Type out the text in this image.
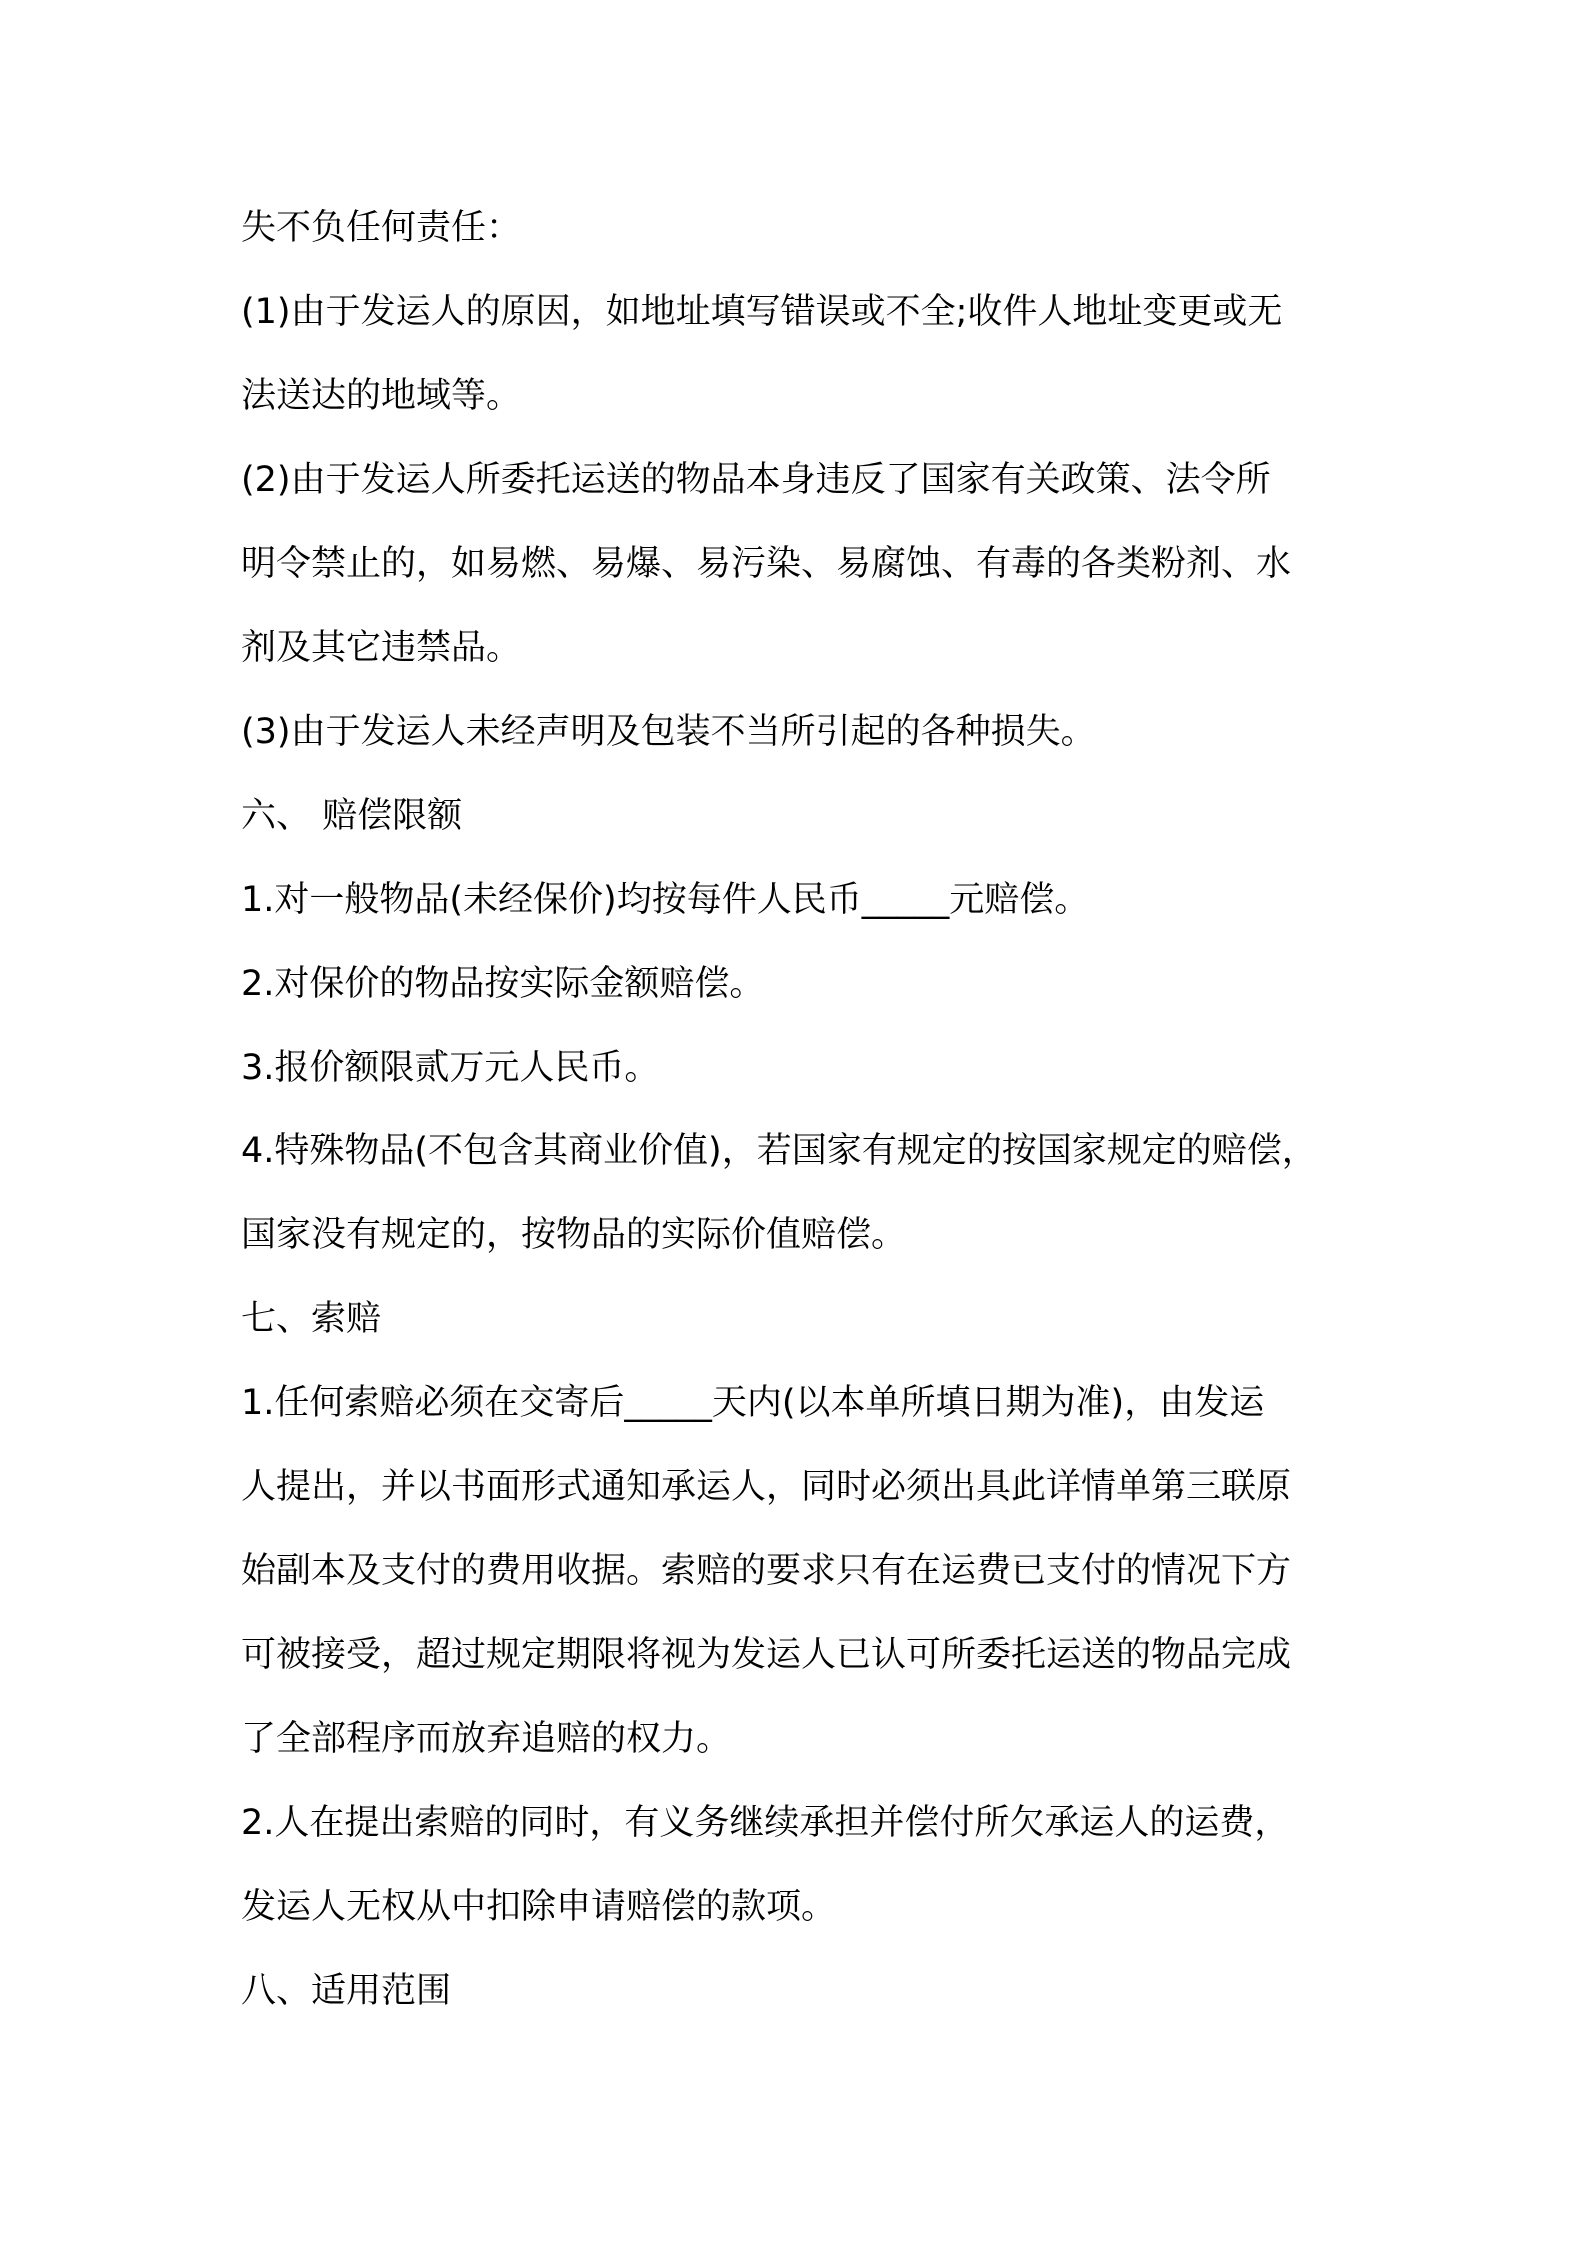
失不负任何责任：
(1)由于发运人的原因，如地址填写错误或不全;收件人地址变更或无
法送达的地域等。
(2)由于发运人所委托运送的物品本身违反了国家有关政策、法令所
明令禁止的，如易燃、易爆、易污染、易腐蚀、有毒的各类粉剂、水
剂及其它违禁品。
(3)由于发运人未经声明及包装不当所引起的各种损失。
六、 赔偿限额
1.对一般物品(未经保价)均按每件人民币_____元赔偿。
2.对保价的物品按实际金额赔偿。
3.报价额限贰万元人民币。
4.特殊物品(不包含其商业价值)，若国家有规定的按国家规定的赔偿，
国家没有规定的，按物品的实际价值赔偿。
七、索赔
1.任何索赔必须在交寄后_____天内(以本单所填日期为准)，由发运
人提出，并以书面形式通知承运人，同时必须出具此详情单第三联原
始副本及支付的费用收据。索赔的要求只有在运费已支付的情况下方
可被接受，超过规定期限将视为发运人已认可所委托运送的物品完成
了全部程序而放弃追赔的权力。
2.人在提出索赔的同时，有义务继续承担并偿付所欠承运人的运费，
发运人无权从中扣除申请赔偿的款项。
八、适用范围
